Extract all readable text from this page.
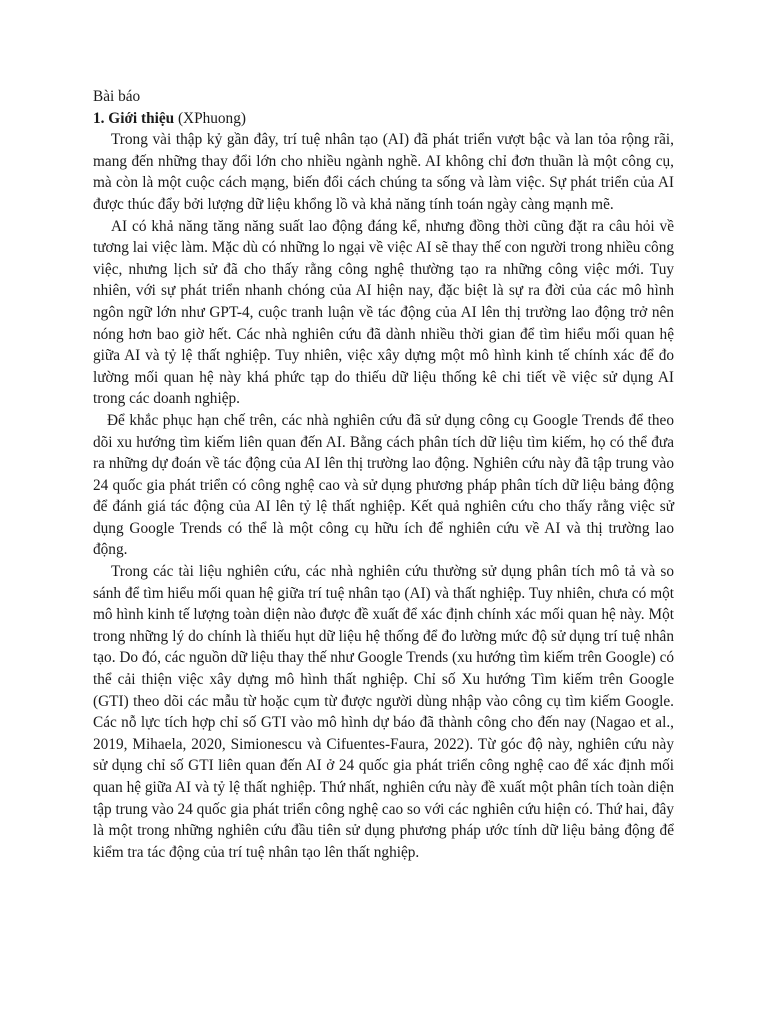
Bài báo

1. Giới thiệu (XPhuong)

Trong vài thập kỷ gần đây, trí tuệ nhân tạo (AI) đã phát triển vượt bậc và lan tỏa rộng rãi, mang đến những thay đổi lớn cho nhiều ngành nghề. AI không chỉ đơn thuần là một công cụ, mà còn là một cuộc cách mạng, biến đổi cách chúng ta sống và làm việc. Sự phát triển của AI được thúc đẩy bởi lượng dữ liệu khổng lồ và khả năng tính toán ngày càng mạnh mẽ.

AI có khả năng tăng năng suất lao động đáng kể, nhưng đồng thời cũng đặt ra câu hỏi về tương lai việc làm. Mặc dù có những lo ngại về việc AI sẽ thay thế con người trong nhiều công việc, nhưng lịch sử đã cho thấy rằng công nghệ thường tạo ra những công việc mới. Tuy nhiên, với sự phát triển nhanh chóng của AI hiện nay, đặc biệt là sự ra đời của các mô hình ngôn ngữ lớn như GPT-4, cuộc tranh luận về tác động của AI lên thị trường lao động trở nên nóng hơn bao giờ hết. Các nhà nghiên cứu đã dành nhiều thời gian để tìm hiểu mối quan hệ giữa AI và tỷ lệ thất nghiệp. Tuy nhiên, việc xây dựng một mô hình kinh tế chính xác để đo lường mối quan hệ này khá phức tạp do thiếu dữ liệu thống kê chi tiết về việc sử dụng AI trong các doanh nghiệp.

Để khắc phục hạn chế trên, các nhà nghiên cứu đã sử dụng công cụ Google Trends để theo dõi xu hướng tìm kiếm liên quan đến AI. Bằng cách phân tích dữ liệu tìm kiếm, họ có thể đưa ra những dự đoán về tác động của AI lên thị trường lao động. Nghiên cứu này đã tập trung vào 24 quốc gia phát triển có công nghệ cao và sử dụng phương pháp phân tích dữ liệu bảng động để đánh giá tác động của AI lên tỷ lệ thất nghiệp. Kết quả nghiên cứu cho thấy rằng việc sử dụng Google Trends có thể là một công cụ hữu ích để nghiên cứu về AI và thị trường lao động.

Trong các tài liệu nghiên cứu, các nhà nghiên cứu thường sử dụng phân tích mô tả và so sánh để tìm hiểu mối quan hệ giữa trí tuệ nhân tạo (AI) và thất nghiệp. Tuy nhiên, chưa có một mô hình kinh tế lượng toàn diện nào được đề xuất để xác định chính xác mối quan hệ này. Một trong những lý do chính là thiếu hụt dữ liệu hệ thống để đo lường mức độ sử dụng trí tuệ nhân tạo. Do đó, các nguồn dữ liệu thay thế như Google Trends (xu hướng tìm kiếm trên Google) có thể cải thiện việc xây dựng mô hình thất nghiệp. Chỉ số Xu hướng Tìm kiếm trên Google (GTI) theo dõi các mẫu từ hoặc cụm từ được người dùng nhập vào công cụ tìm kiếm Google. Các nỗ lực tích hợp chỉ số GTI vào mô hình dự báo đã thành công cho đến nay (Nagao et al., 2019, Mihaela, 2020, Simionescu và Cifuentes-Faura, 2022). Từ góc độ này, nghiên cứu này sử dụng chỉ số GTI liên quan đến AI ở 24 quốc gia phát triển công nghệ cao để xác định mối quan hệ giữa AI và tỷ lệ thất nghiệp. Thứ nhất, nghiên cứu này đề xuất một phân tích toàn diện tập trung vào 24 quốc gia phát triển công nghệ cao so với các nghiên cứu hiện có. Thứ hai, đây là một trong những nghiên cứu đầu tiên sử dụng phương pháp ước tính dữ liệu bảng động để kiểm tra tác động của trí tuệ nhân tạo lên thất nghiệp.
